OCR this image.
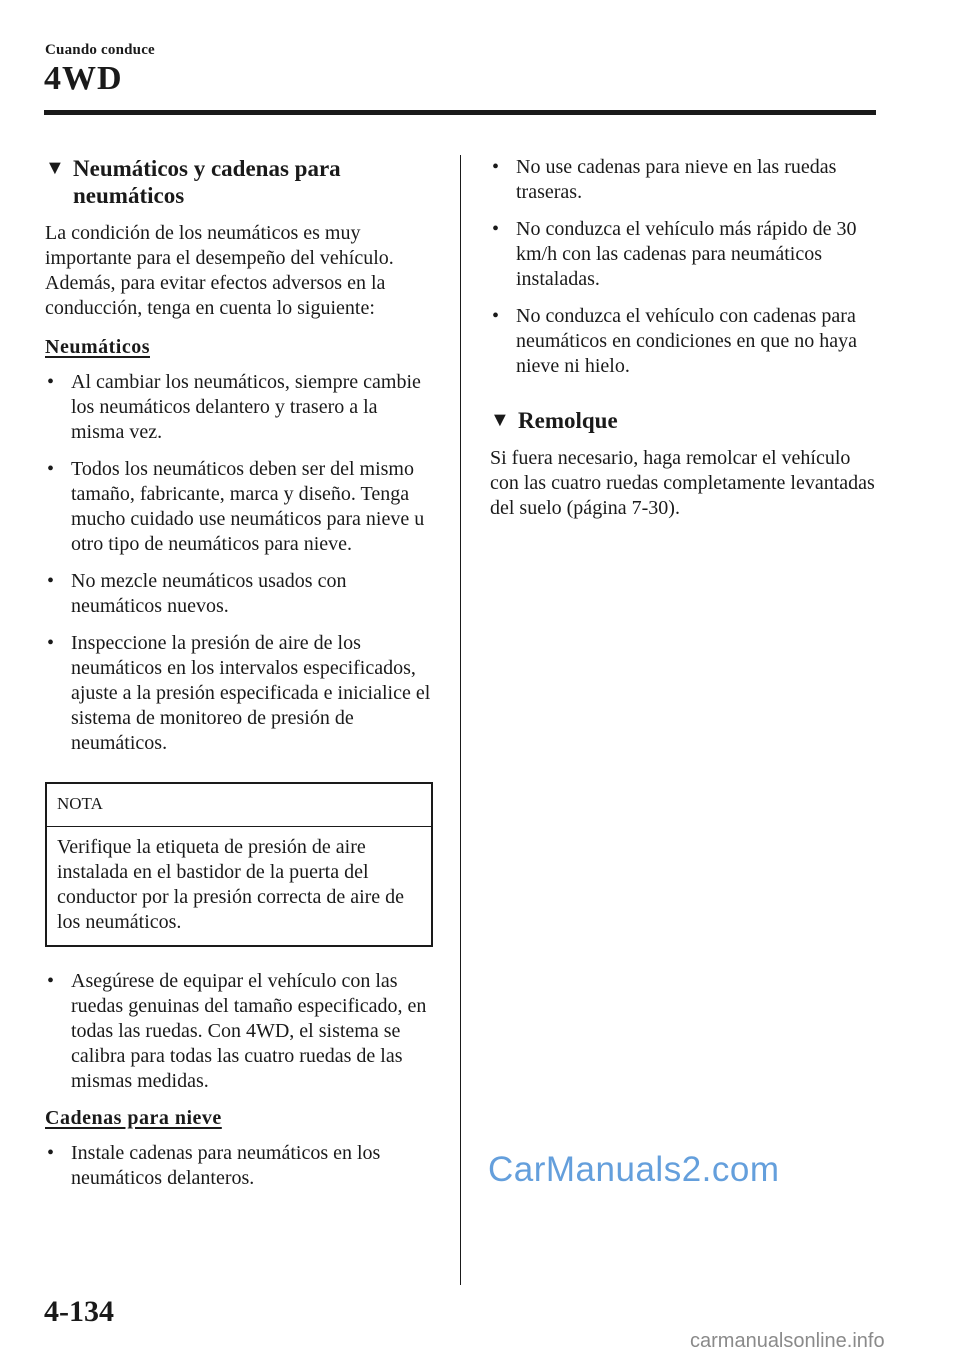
Cuando conduce
4WD
▼ Neumáticos y cadenas para neumáticos

La condición de los neumáticos es muy importante para el desempeño del vehículo. Además, para evitar efectos adversos en la conducción, tenga en cuenta lo siguiente:

Neumáticos
• Al cambiar los neumáticos, siempre cambie los neumáticos delantero y trasero a la misma vez.
• Todos los neumáticos deben ser del mismo tamaño, fabricante, marca y diseño. Tenga mucho cuidado use neumáticos para nieve u otro tipo de neumáticos para nieve.
• No mezcle neumáticos usados con neumáticos nuevos.
• Inspeccione la presión de aire de los neumáticos en los intervalos especificados, ajuste a la presión especificada e inicialice el sistema de monitoreo de presión de neumáticos.
NOTA
Verifique la etiqueta de presión de aire instalada en el bastidor de la puerta del conductor por la presión correcta de aire de los neumáticos.
• Asegúrese de equipar el vehículo con las ruedas genuinas del tamaño especificado, en todas las ruedas. Con 4WD, el sistema se calibra para todas las cuatro ruedas de las mismas medidas.
Cadenas para nieve
• Instale cadenas para neumáticos en los neumáticos delanteros.
• No use cadenas para nieve en las ruedas traseras.
• No conduzca el vehículo más rápido de 30 km/h con las cadenas para neumáticos instaladas.
• No conduzca el vehículo con cadenas para neumáticos en condiciones en que no haya nieve ni hielo.
▼ Remolque

Si fuera necesario, haga remolcar el vehículo con las cuatro ruedas completamente levantadas del suelo (página 7-30).

CarManuals2.com
4-134
carmanualsonline.info
